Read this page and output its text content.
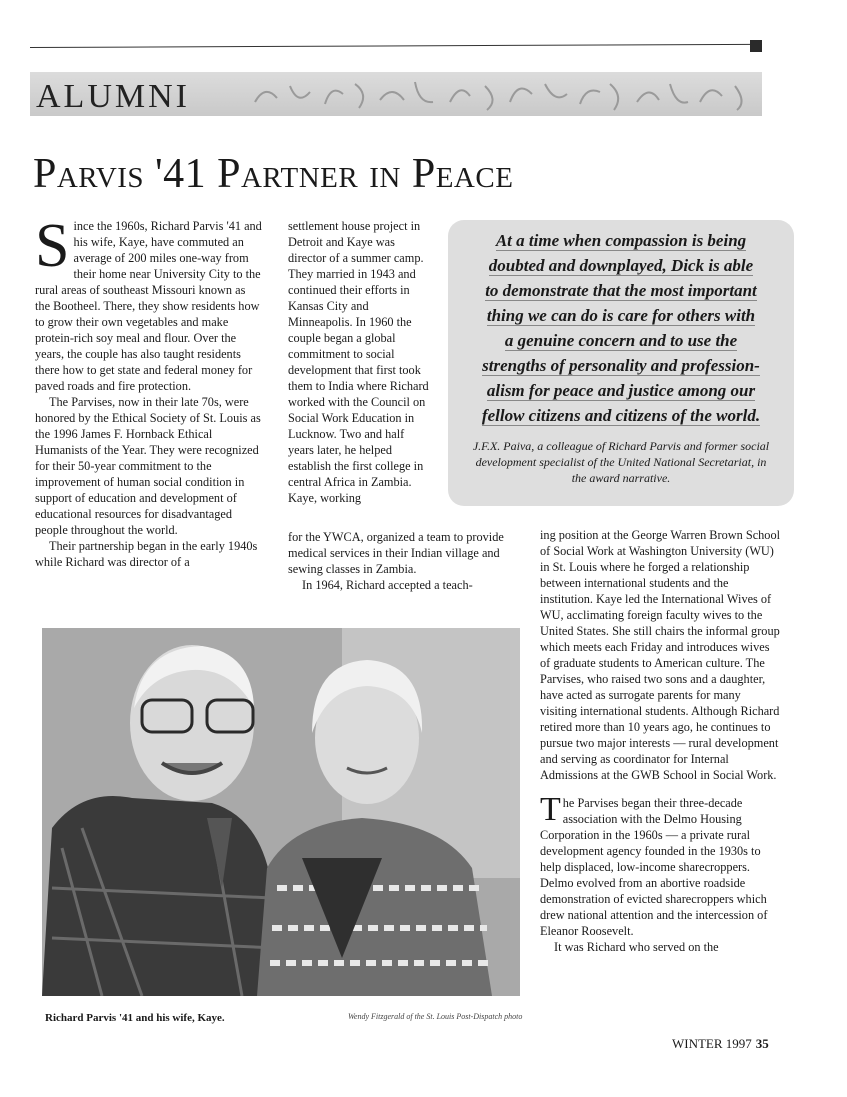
ALUMNI
Parvis '41 Partner in Peace

Since the 1960s, Richard Parvis '41 and his wife, Kaye, have commuted an average of 200 miles one-way from their home near University City to the rural areas of southeast Missouri known as the Bootheel. There, they show residents how to grow their own vegetables and make protein-rich soy meal and flour. Over the years, the couple has also taught residents there how to get state and federal money for paved roads and fire protection.

The Parvises, now in their late 70s, were honored by the Ethical Society of St. Louis as the 1996 James F. Hornback Ethical Humanists of the Year. They were recognized for their 50-year commitment to the improvement of human social condition in support of education and development of educational resources for disadvantaged people throughout the world.

Their partnership began in the early 1940s while Richard was director of a

settlement house project in Detroit and Kaye was director of a summer camp. They married in 1943 and continued their efforts in Kansas City and Minneapolis. In 1960 the couple began a global commitment to social development that first took them to India where Richard worked with the Council on Social Work Education in Lucknow. Two and half years later, he helped establish the first college in central Africa in Zambia. Kaye, working

for the YWCA, organized a team to provide medical services in their Indian village and sewing classes in Zambia.

In 1964, Richard accepted a teach-

At a time when compassion is being
doubted and downplayed, Dick is able
to demonstrate that the most important
thing we can do is care for others with
a genuine concern and to use the
strengths of personality and profession-
alism for peace and justice among our
fellow citizens and citizens of the world.

J.F.X. Paiva, a colleague of Richard Parvis and former social development specialist of the United National Secretariat, in the award narrative.

Richard Parvis '41 and his wife, Kaye.	Wendy Fitzgerald of the St. Louis Post-Dispatch photo

ing position at the George Warren Brown School of Social Work at Washington University (WU) in St. Louis where he forged a relationship between international students and the institution. Kaye led the International Wives of WU, acclimating foreign faculty wives to the United States. She still chairs the informal group which meets each Friday and introduces wives of graduate students to American culture. The Parvises, who raised two sons and a daughter, have acted as surrogate parents for many visiting international students. Although Richard retired more than 10 years ago, he continues to pursue two major interests — rural development and serving as coordinator for Internal Admissions at the GWB School in Social Work.

The Parvises began their three-decade association with the Delmo Housing Corporation in the 1960s — a private rural development agency founded in the 1930s to help displaced, low-income sharecroppers. Delmo evolved from an abortive roadside demonstration of evicted sharecroppers which drew national attention and the intercession of Eleanor Roosevelt.

It was Richard who served on the

WINTER 1997 35
